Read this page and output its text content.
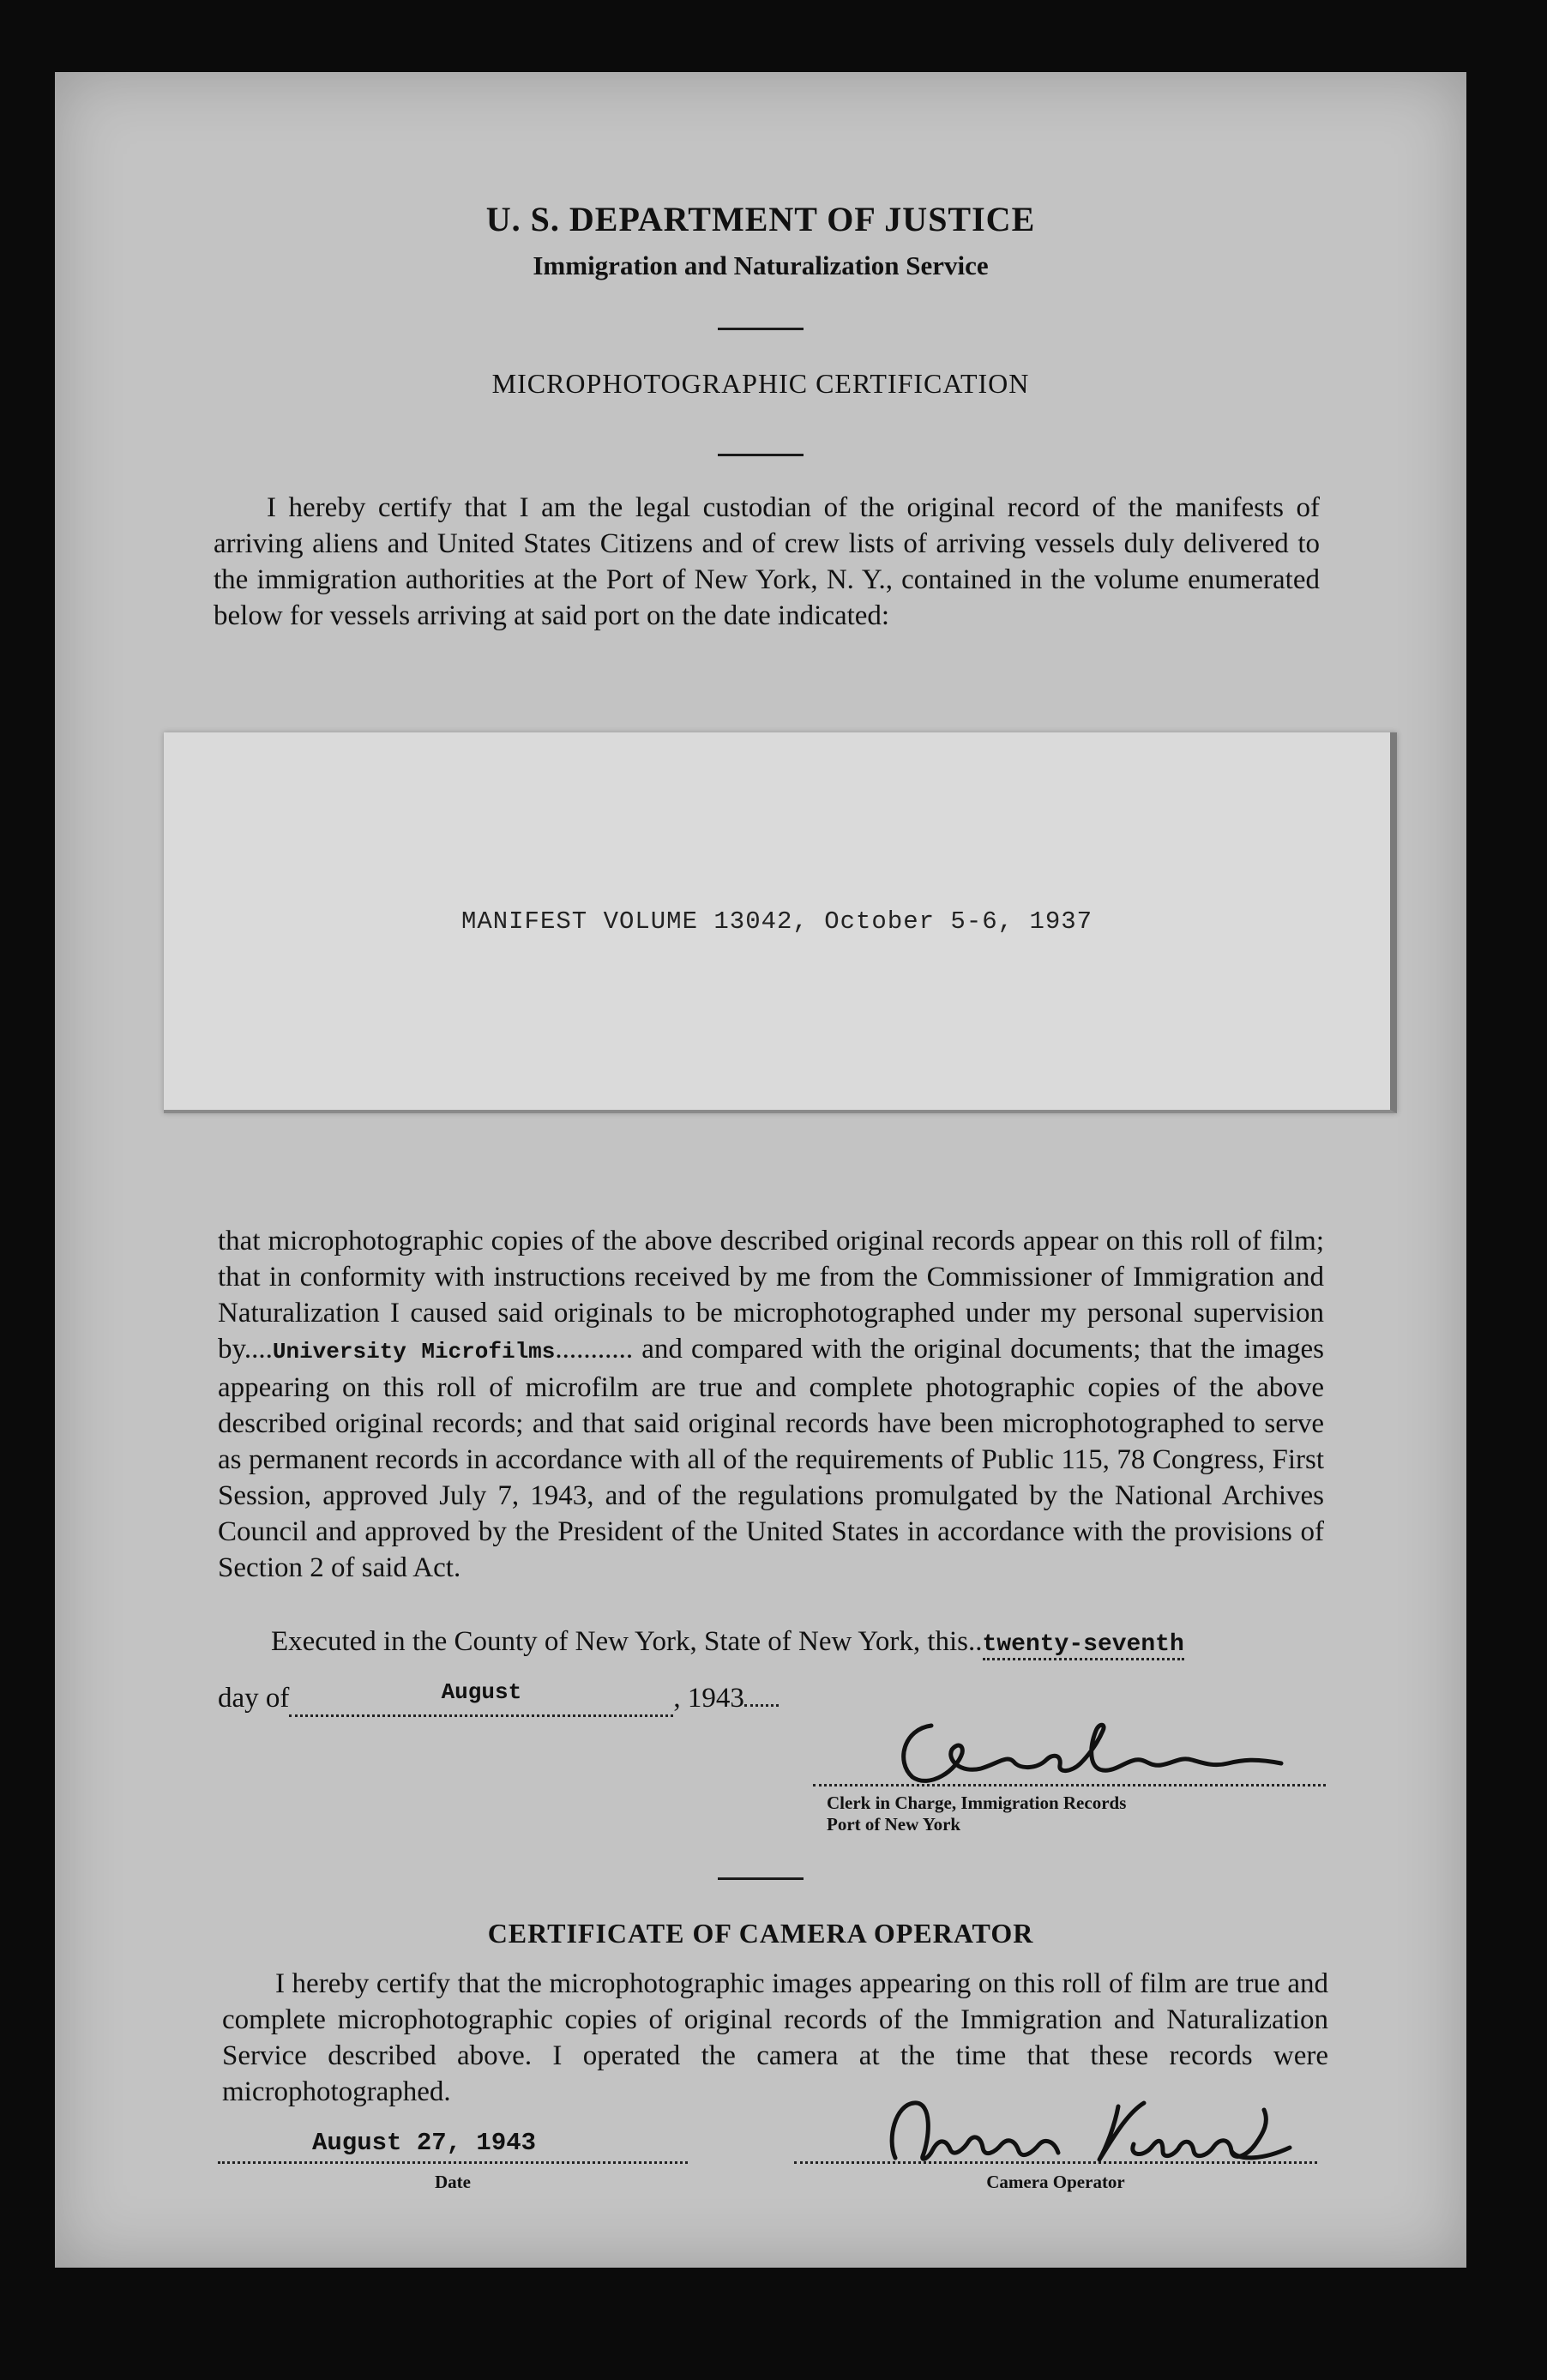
U. S. DEPARTMENT OF JUSTICE
Immigration and Naturalization Service
MICROPHOTOGRAPHIC CERTIFICATION
I hereby certify that I am the legal custodian of the original record of the manifests of arriving aliens and United States Citizens and of crew lists of arriving vessels duly delivered to the immigration authorities at the Port of New York, N. Y., contained in the volume enumerated below for vessels arriving at said port on the date indicated:
MANIFEST VOLUME 13042, October 5-6, 1937
that microphotographic copies of the above described original records appear on this roll of film; that in conformity with instructions received by me from the Commissioner of Immigration and Naturalization I caused said originals to be microphotographed under my personal supervision by....University Microfilms........... and compared with the original documents; that the images appearing on this roll of microfilm are true and complete photographic copies of the above described original records; and that said original records have been microphotographed to serve as permanent records in accordance with all of the requirements of Public 115, 78 Congress, First Session, approved July 7, 1943, and of the regulations promulgated by the National Archives Council and approved by the President of the United States in accordance with the provisions of Section 2 of said Act.
Executed in the County of New York, State of New York, this..twenty-seventh
day of	$^{August}$	, 1943
Clerk in Charge, Immigration Records
Port of New York
CERTIFICATE OF CAMERA OPERATOR
I hereby certify that the microphotographic images appearing on this roll of film are true and complete microphotographic copies of original records of the Immigration and Naturalization Service described above. I operated the camera at the time that these records were microphotographed.
August 27, 1943
Date	Camera Operator
